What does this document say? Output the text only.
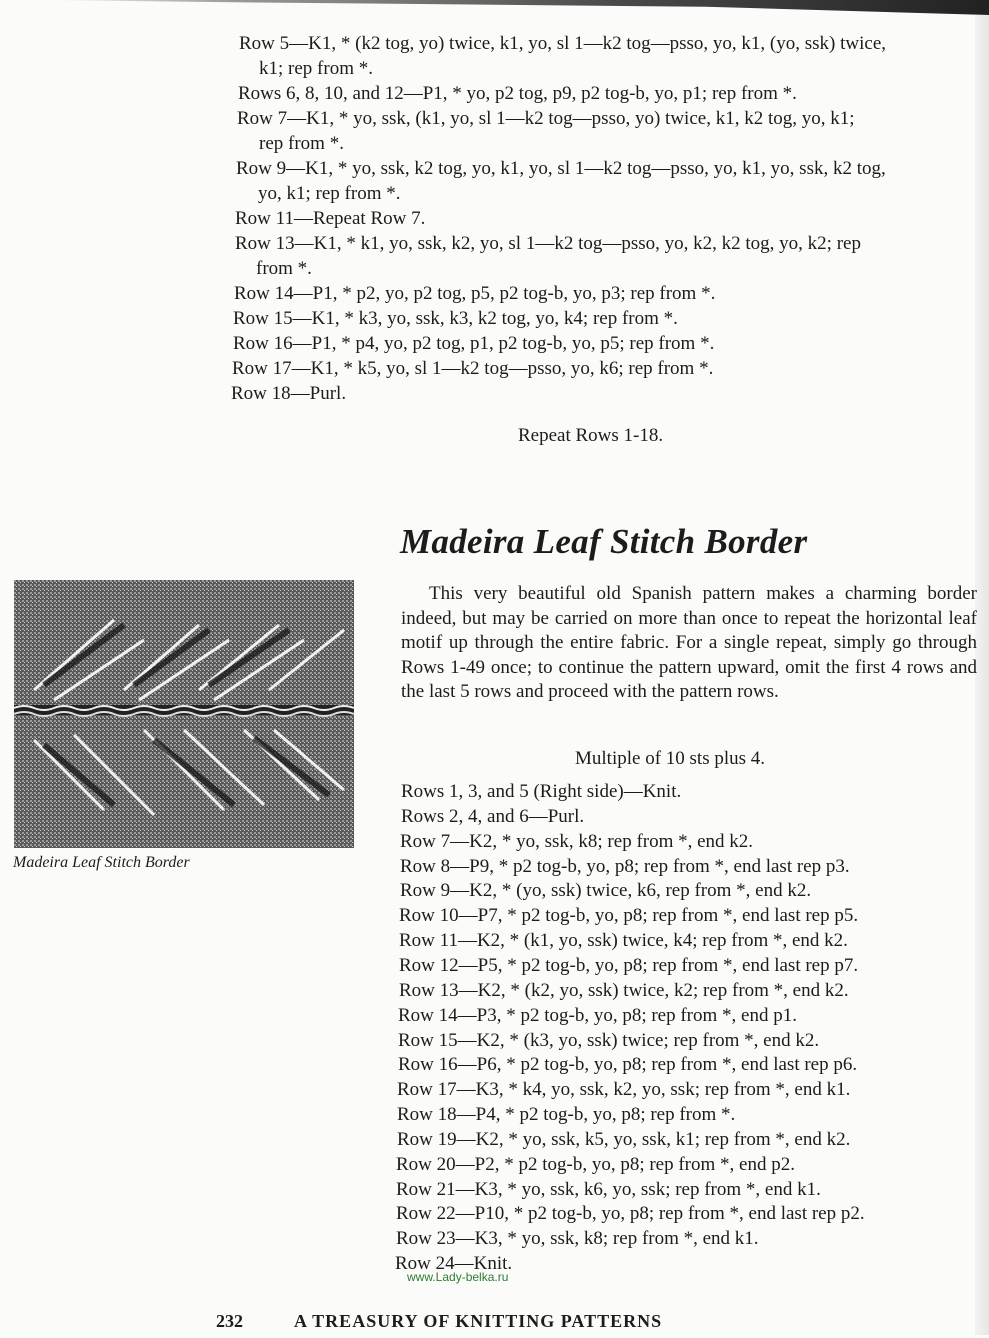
Row 5—K1, * (k2 tog, yo) twice, k1, yo, sl 1—k2 tog—psso, yo, k1, (yo, ssk) twice,
k1; rep from *.
Rows 6, 8, 10, and 12—P1, * yo, p2 tog, p9, p2 tog-b, yo, p1; rep from *.
Row 7—K1, * yo, ssk, (k1, yo, sl 1—k2 tog—psso, yo) twice, k1, k2 tog, yo, k1;
rep from *.
Row 9—K1, * yo, ssk, k2 tog, yo, k1, yo, sl 1—k2 tog—psso, yo, k1, yo, ssk, k2 tog,
yo, k1; rep from *.
Row 11—Repeat Row 7.
Row 13—K1, * k1, yo, ssk, k2, yo, sl 1—k2 tog—psso, yo, k2, k2 tog, yo, k2; rep
from *.
Row 14—P1, * p2, yo, p2 tog, p5, p2 tog-b, yo, p3; rep from *.
Row 15—K1, * k3, yo, ssk, k3, k2 tog, yo, k4; rep from *.
Row 16—P1, * p4, yo, p2 tog, p1, p2 tog-b, yo, p5; rep from *.
Row 17—K1, * k5, yo, sl 1—k2 tog—psso, yo, k6; rep from *.
Row 18—Purl.
Repeat Rows 1-18.
Madeira Leaf Stitch Border
This very beautiful old Spanish pattern makes a charming border indeed, but may be carried on more than once to repeat the horizontal leaf motif up through the entire fabric. For a single repeat, simply go through Rows 1-49 once; to continue the pattern upward, omit the first 4 rows and the last 5 rows and proceed with the pattern rows.
Multiple of 10 sts plus 4.
Madeira Leaf Stitch Border
Rows 1, 3, and 5 (Right side)—Knit.
Rows 2, 4, and 6—Purl.
Row 7—K2, * yo, ssk, k8; rep from *, end k2.
Row 8—P9, * p2 tog-b, yo, p8; rep from *, end last rep p3.
Row 9—K2, * (yo, ssk) twice, k6, rep from *, end k2.
Row 10—P7, * p2 tog-b, yo, p8; rep from *, end last rep p5.
Row 11—K2, * (k1, yo, ssk) twice, k4; rep from *, end k2.
Row 12—P5, * p2 tog-b, yo, p8; rep from *, end last rep p7.
Row 13—K2, * (k2, yo, ssk) twice, k2; rep from *, end k2.
Row 14—P3, * p2 tog-b, yo, p8; rep from *, end p1.
Row 15—K2, * (k3, yo, ssk) twice; rep from *, end k2.
Row 16—P6, * p2 tog-b, yo, p8; rep from *, end last rep p6.
Row 17—K3, * k4, yo, ssk, k2, yo, ssk; rep from *, end k1.
Row 18—P4, * p2 tog-b, yo, p8; rep from *.
Row 19—K2, * yo, ssk, k5, yo, ssk, k1; rep from *, end k2.
Row 20—P2, * p2 tog-b, yo, p8; rep from *, end p2.
Row 21—K3, * yo, ssk, k6, yo, ssk; rep from *, end k1.
Row 22—P10, * p2 tog-b, yo, p8; rep from *, end last rep p2.
Row 23—K3, * yo, ssk, k8; rep from *, end k1.
Row 24—Knit.
www.Lady-belka.ru
232	A TREASURY OF KNITTING PATTERNS
